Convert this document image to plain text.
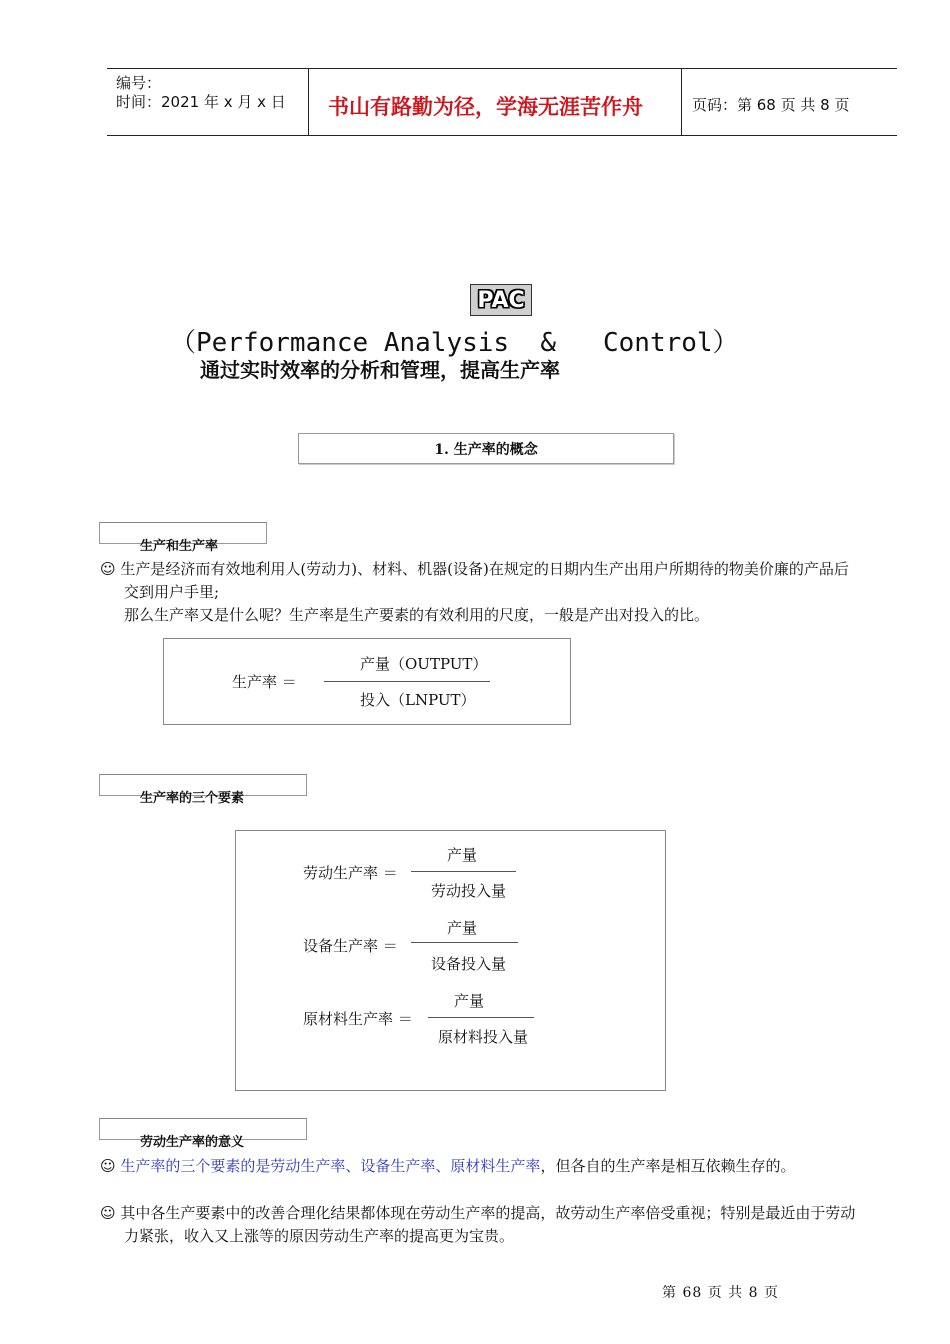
编号：
时间：2021 年 x 月 x 日 书山有路勤为径，学海无涯苦作舟	页码：第 68 页 共 8 页
PAC
（Performance Analysis  &   Control）
通过实时效率的分析和管理，提高生产率
1. 生产率的概念
生产和生产率
☺ 生产是经济而有效地利用人(劳动力)、材料、机器(设备)在规定的日期内生产出用户所期待的物美价廉的产品后
交到用户手里;
那么生产率又是什么呢？生产率是生产要素的有效利用的尺度，一般是产出对投入的比。
生产率 ＝
产量（OUTPUT）
投入（LNPUT）
生产率的三个要素
劳动生产率 ＝
产量
劳动投入量
设备生产率 ＝
产量
设备投入量
原材料生产率 ＝
产量
原材料投入量
劳动生产率的意义
☺ 生产率的三个要素的是劳动生产率、设备生产率、原材料生产率，但各自的生产率是相互依赖生存的。
☺ 其中各生产要素中的改善合理化结果都体现在劳动生产率的提高，故劳动生产率倍受重视；特别是最近由于劳动
力紧张，收入又上涨等的原因劳动生产率的提高更为宝贵。
第 68 页 共 8 页
